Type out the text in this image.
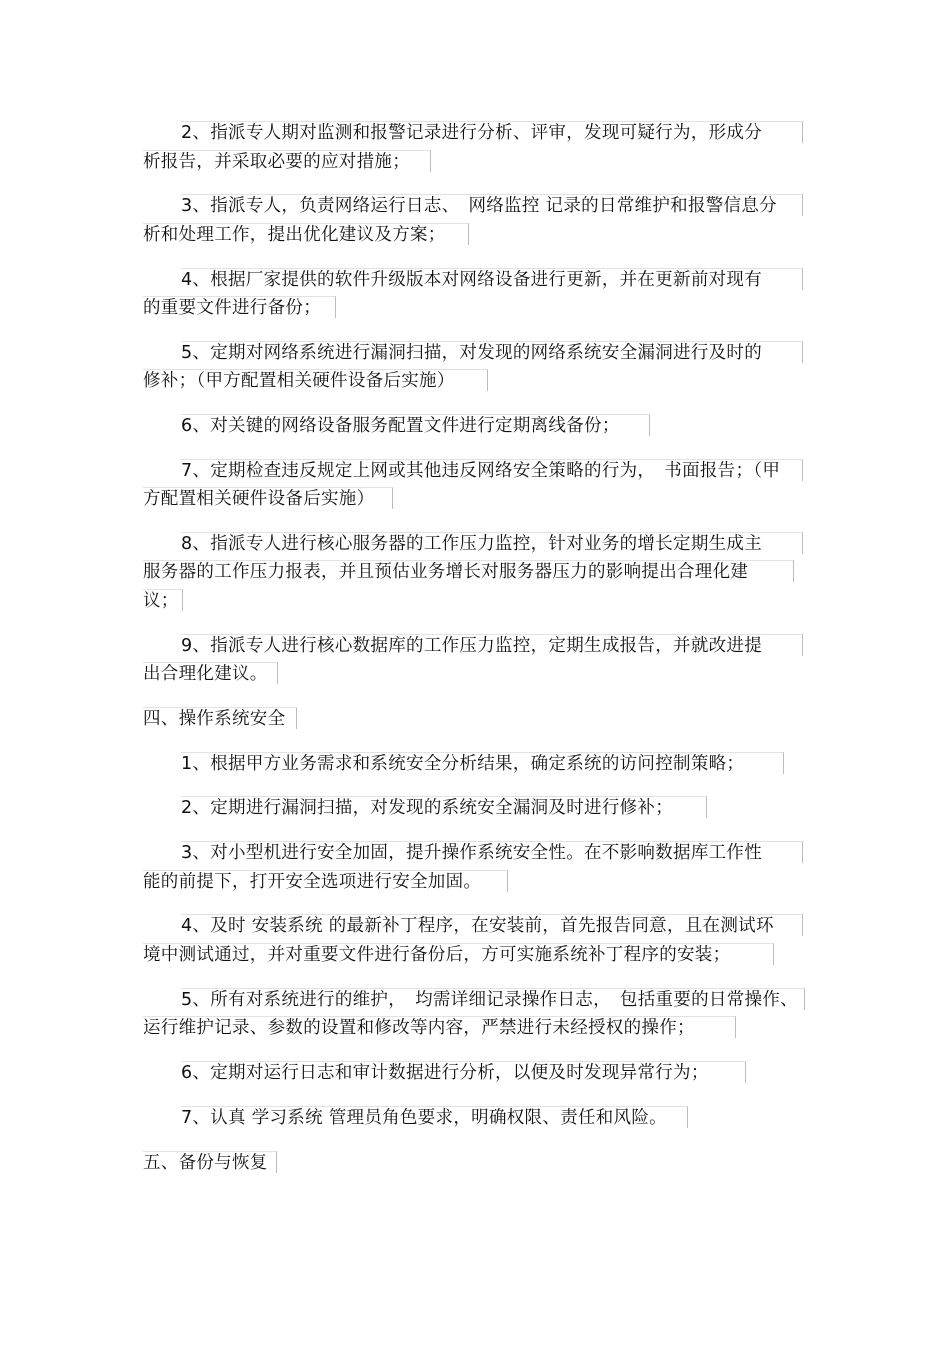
2、指派专人期对监测和报警记录进行分析、评审，发现可疑行为，形成分
析报告，并采取必要的应对措施；
3、指派专人，负责网络运行日志、　网络监控 记录的日常维护和报警信息分
析和处理工作，提出优化建议及方案；
4、根据厂家提供的软件升级版本对网络设备进行更新，并在更新前对现有
的重要文件进行备份；
5、定期对网络系统进行漏洞扫描，对发现的网络系统安全漏洞进行及时的
修补；（甲方配置相关硬件设备后实施）
6、对关键的网络设备服务配置文件进行定期离线备份；
7、定期检查违反规定上网或其他违反网络安全策略的行为，　书面报告；（甲
方配置相关硬件设备后实施）
8、指派专人进行核心服务器的工作压力监控，针对业务的增长定期生成主
服务器的工作压力报表，并且预估业务增长对服务器压力的影响提出合理化建
议；
9、指派专人进行核心数据库的工作压力监控，定期生成报告，并就改进提
出合理化建议。
四、操作系统安全
1、根据甲方业务需求和系统安全分析结果，确定系统的访问控制策略；
2、定期进行漏洞扫描，对发现的系统安全漏洞及时进行修补；
3、对小型机进行安全加固，提升操作系统安全性。在不影响数据库工作性
能的前提下，打开安全选项进行安全加固。
4、及时 安装系统 的最新补丁程序，在安装前，首先报告同意，且在测试环
境中测试通过，并对重要文件进行备份后，方可实施系统补丁程序的安装；
5、所有对系统进行的维护，　均需详细记录操作日志，　包括重要的日常操作、
运行维护记录、参数的设置和修改等内容，严禁进行未经授权的操作；
6、定期对运行日志和审计数据进行分析，以便及时发现异常行为；
7、认真 学习系统 管理员角色要求，明确权限、责任和风险。
五、备份与恢复
